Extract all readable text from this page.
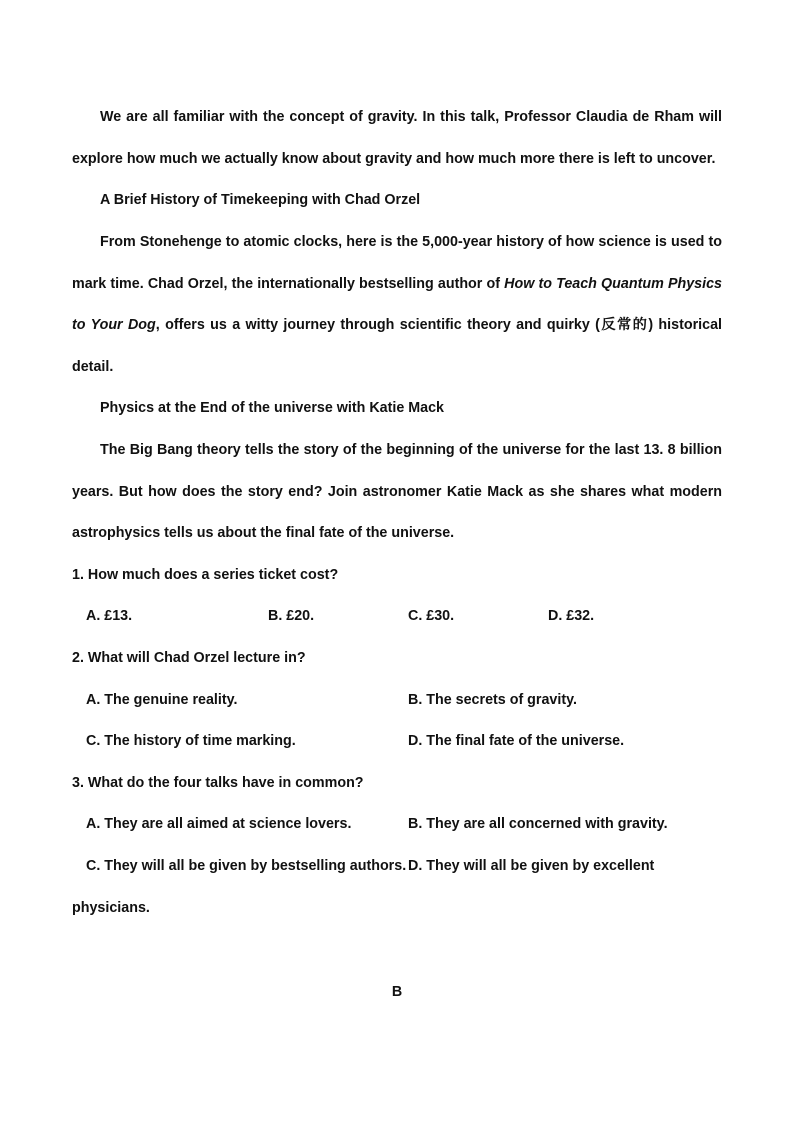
We are all familiar with the concept of gravity. In this talk, Professor Claudia de Rham will
explore how much we actually know about gravity and how much more there is left to uncover.
A Brief History of Timekeeping with Chad Orzel
From Stonehenge to atomic clocks, here is the 5,000-year history of how science is used to
mark time. Chad Orzel, the internationally bestselling author of How to Teach Quantum Physics
to Your Dog, offers us a witty journey through scientific theory and quirky (反常的) historical
detail.
Physics at the End of the universe with Katie Mack
The Big Bang theory tells the story of the beginning of the universe for the last 13. 8 billion
years. But how does the story end? Join astronomer Katie Mack as she shares what modern
astrophysics tells us about the final fate of the universe.
1. How much does a series ticket cost?
A. £13.	B. £20.	C. £30.	D. £32.
2. What will Chad Orzel lecture in?
A. The genuine reality.	B. The secrets of gravity.
C. The history of time marking.	D. The final fate of the universe.
3. What do the four talks have in common?
A. They are all aimed at science lovers.	B. They are all concerned with gravity.
C. They will all be given by bestselling authors. D. They will all be given by excellent
physicians.
B
